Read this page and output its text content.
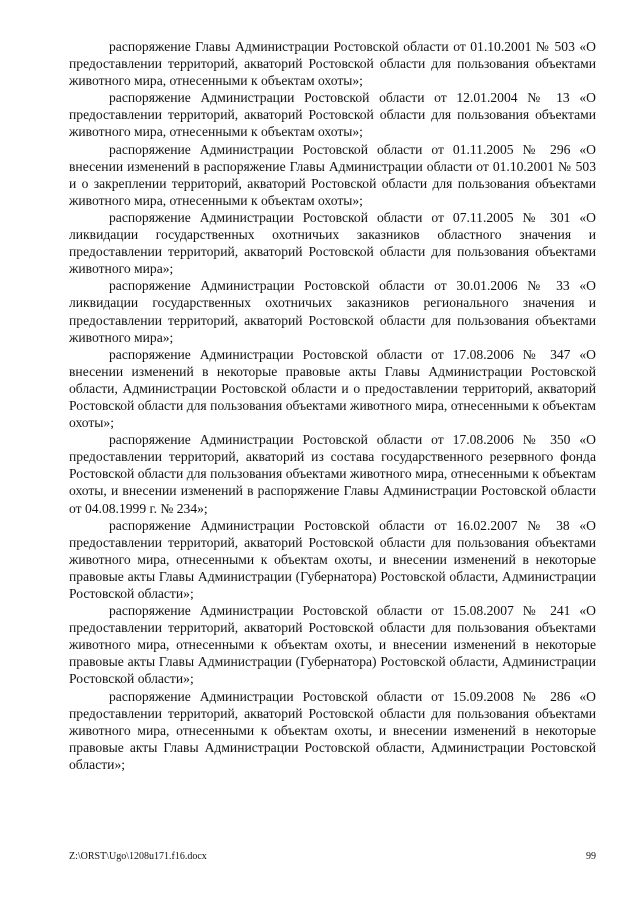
распоряжение Главы Администрации Ростовской области от 01.10.2001 № 503 «О предоставлении территорий, акваторий Ростовской области для пользования объектами животного мира, отнесенными к объектам охоты»;

распоряжение Администрации Ростовской области от 12.01.2004 № 13 «О предоставлении территорий, акваторий Ростовской области для пользования объектами животного мира, отнесенными к объектам охоты»;

распоряжение Администрации Ростовской области от 01.11.2005 № 296 «О внесении изменений в распоряжение Главы Администрации области от 01.10.2001 № 503 и о закреплении территорий, акваторий Ростовской области для пользования объектами животного мира, отнесенными к объектам охоты»;

распоряжение Администрации Ростовской области от 07.11.2005 № 301 «О ликвидации государственных охотничьих заказников областного значения и предоставлении территорий, акваторий Ростовской области для пользования объектами животного мира»;

распоряжение Администрации Ростовской области от 30.01.2006 № 33 «О ликвидации государственных охотничьих заказников регионального значения и предоставлении территорий, акваторий Ростовской области для пользования объектами животного мира»;

распоряжение Администрации Ростовской области от 17.08.2006 № 347 «О внесении изменений в некоторые правовые акты Главы Администрации Ростовской области, Администрации Ростовской области и о предоставлении территорий, акваторий Ростовской области для пользования объектами животного мира, отнесенными к объектам охоты»;

распоряжение Администрации Ростовской области от 17.08.2006 № 350 «О предоставлении территорий, акваторий из состава государственного резервного фонда Ростовской области для пользования объектами животного мира, отнесенными к объектам охоты, и внесении изменений в распоряжение Главы Администрации Ростовской области от 04.08.1999 г. № 234»;

распоряжение Администрации Ростовской области от 16.02.2007 № 38 «О предоставлении территорий, акваторий Ростовской области для пользования объектами животного мира, отнесенными к объектам охоты, и внесении изменений в некоторые правовые акты Главы Администрации (Губернатора) Ростовской области, Администрации Ростовской области»;

распоряжение Администрации Ростовской области от 15.08.2007 № 241 «О предоставлении территорий, акваторий Ростовской области для пользования объектами животного мира, отнесенными к объектам охоты, и внесении изменений в некоторые правовые акты Главы Администрации (Губернатора) Ростовской области, Администрации Ростовской области»;

распоряжение Администрации Ростовской области от 15.09.2008 № 286 «О предоставлении территорий, акваторий Ростовской области для пользования объектами животного мира, отнесенными к объектам охоты, и внесении изменений в некоторые правовые акты Главы Администрации Ростовской области, Администрации Ростовской области»;

Z:\ORST\Ugo\1208u171.f16.docx	99
